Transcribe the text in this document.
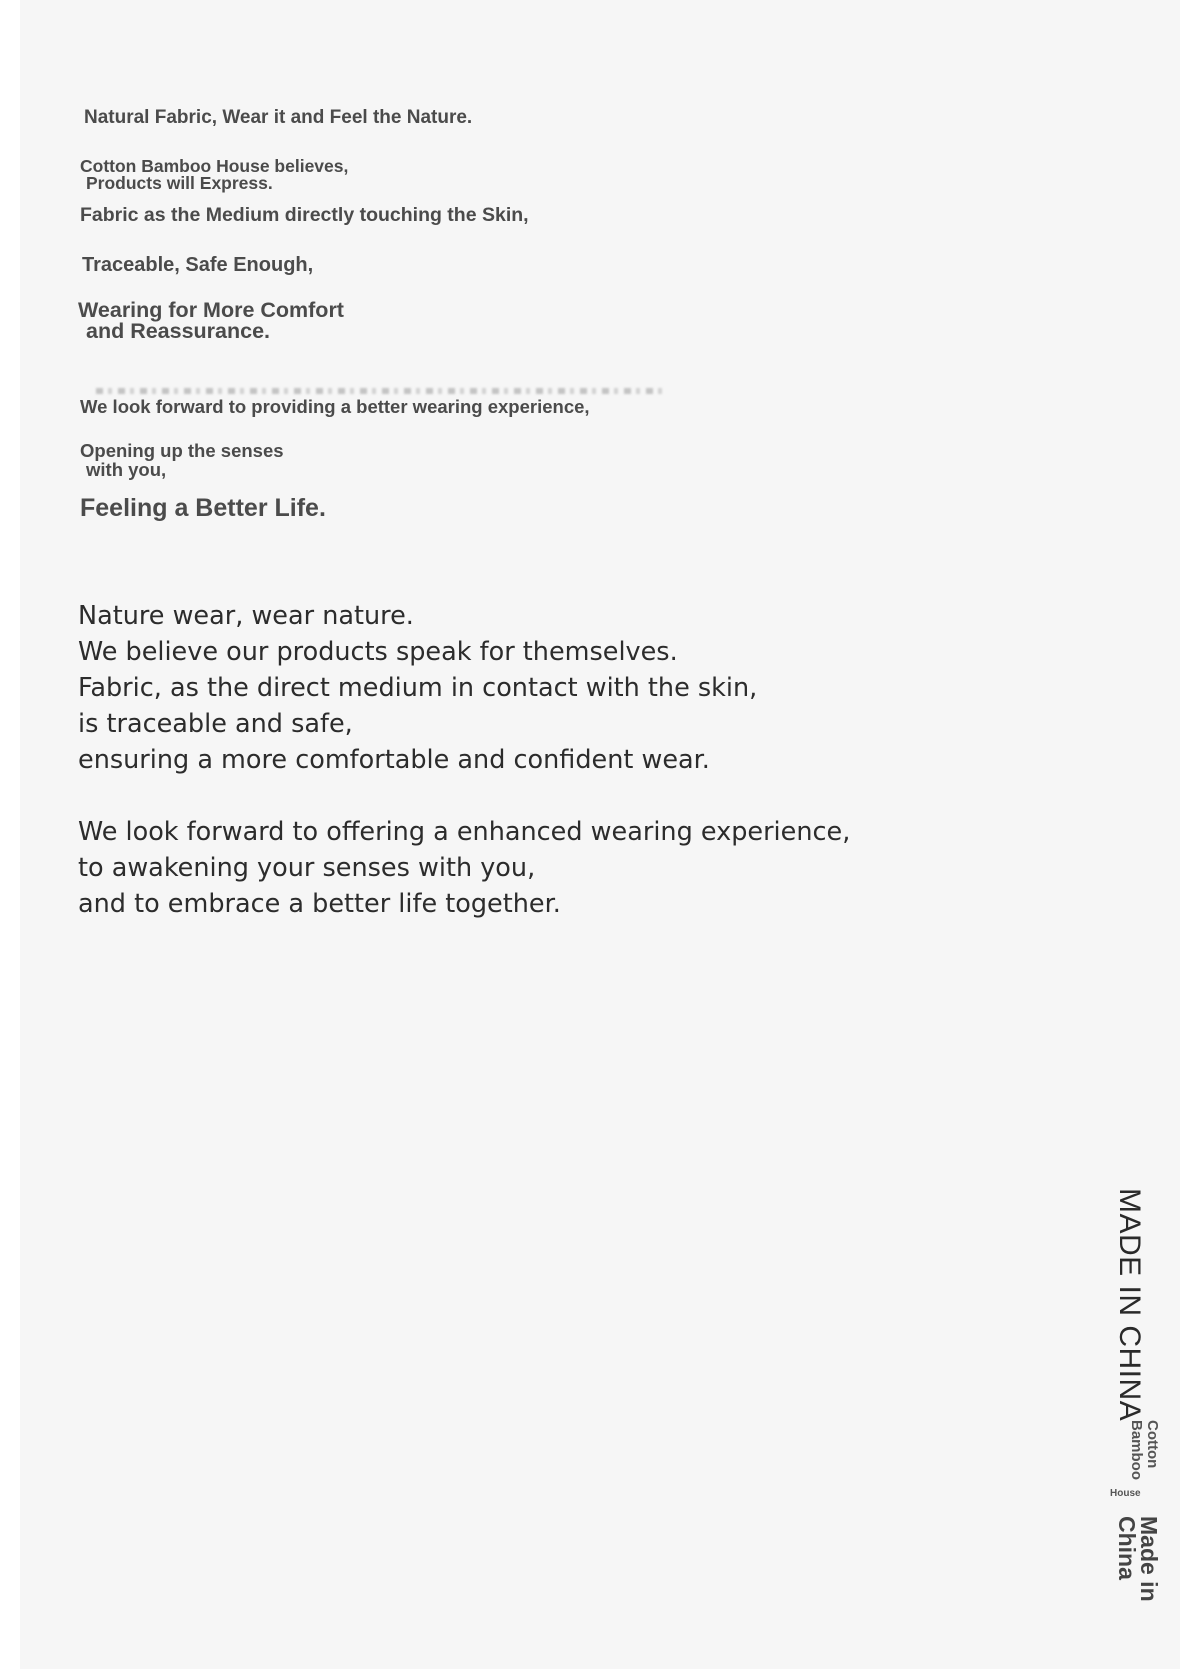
Natural Fabric, Wear it and Feel the Nature.

Cotton Bamboo House believes,

Products will Express.

Fabric as the Medium directly touching the Skin,

Traceable, Safe Enough,

Wearing for More Comfort

and Reassurance.

We look forward to providing a better wearing experience,

Opening up the senses

with you,

Feeling a Better Life.

Nature wear, wear nature.
We believe our products speak for themselves.
Fabric, as the direct medium in contact with the skin,
is traceable and safe,
ensuring a more comfortable and confident wear.
We look forward to offering a enhanced wearing experience,
to awakening your senses with you,
and to embrace a better life together.
MADE IN CHINA
Cotton
Bamboo
House
Made in
China
